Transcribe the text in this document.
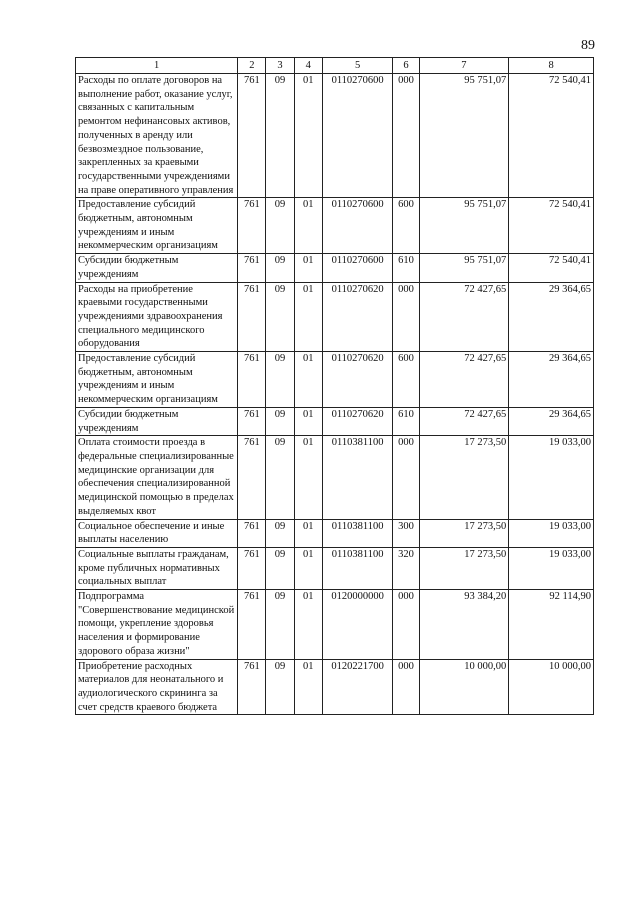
89
1	2	3	4	5	6	7	8
Расходы по оплате договоров на выполнение работ, оказание услуг, связанных с капитальным ремонтом нефинансовых активов, полученных в аренду или безвозмездное пользование, закрепленных за краевыми государственными учреждениями на праве оперативного управления	761	09	01	0110270600	000	95 751,07	72 540,41
Предоставление субсидий бюджетным, автономным учреждениям и иным некоммерческим организациям	761	09	01	0110270600	600	95 751,07	72 540,41
Субсидии бюджетным учреждениям	761	09	01	0110270600	610	95 751,07	72 540,41
Расходы на приобретение краевыми государственными учреждениями здравоохранения специального медицинского оборудования	761	09	01	0110270620	000	72 427,65	29 364,65
Предоставление субсидий бюджетным, автономным учреждениям и иным некоммерческим организациям	761	09	01	0110270620	600	72 427,65	29 364,65
Субсидии бюджетным учреждениям	761	09	01	0110270620	610	72 427,65	29 364,65
Оплата стоимости проезда в федеральные специализированные медицинские организации для обеспечения специализированной медицинской помощью в пределах выделяемых квот	761	09	01	0110381100	000	17 273,50	19 033,00
Социальное обеспечение и иные выплаты населению	761	09	01	0110381100	300	17 273,50	19 033,00
Социальные выплаты гражданам, кроме публичных нормативных социальных выплат	761	09	01	0110381100	320	17 273,50	19 033,00
Подпрограмма "Совершенствование медицинской помощи, укрепление здоровья населения и формирование здорового образа жизни"	761	09	01	0120000000	000	93 384,20	92 114,90
Приобретение расходных материалов для неонатального и аудиологического скрининга за счет средств краевого бюджета	761	09	01	0120221700	000	10 000,00	10 000,00
